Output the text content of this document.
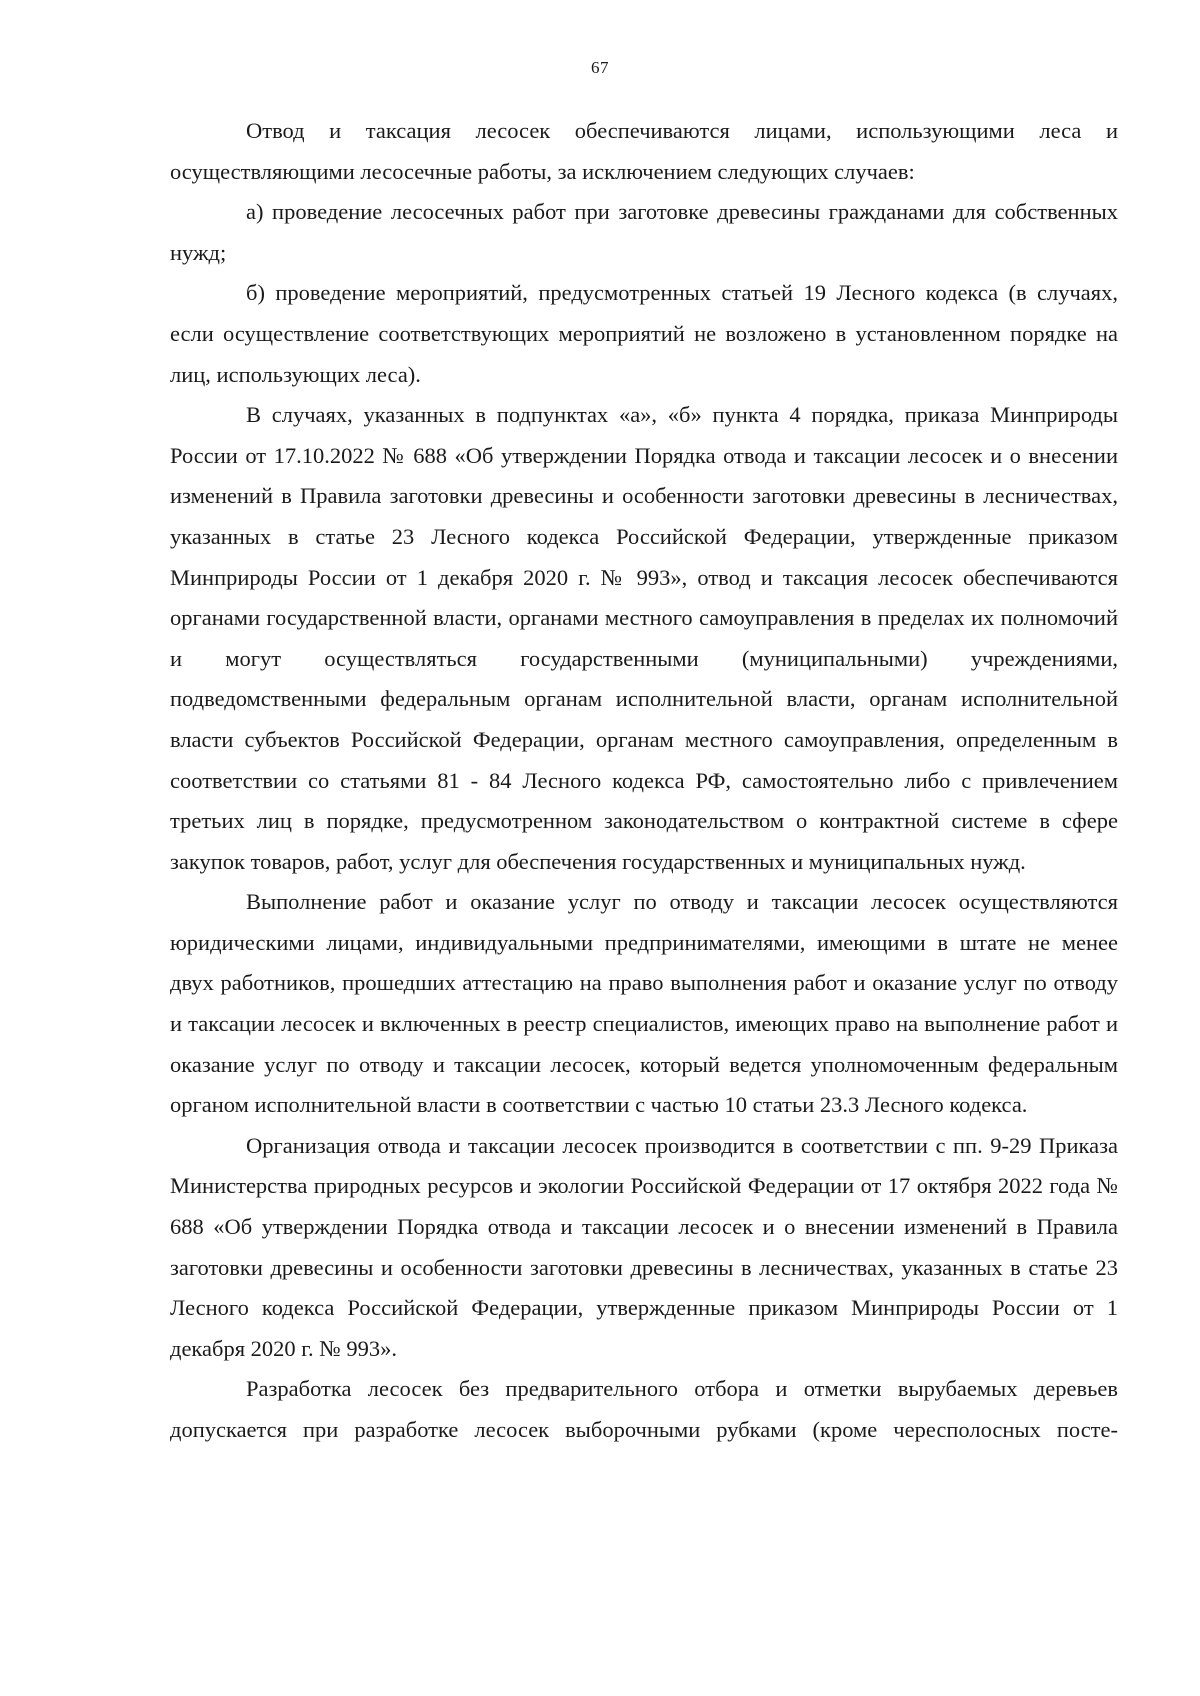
67

Отвод и таксация лесосек обеспечиваются лицами, использующими леса и осуществляющими лесосечные работы, за исключением следующих случаев:

а) проведение лесосечных работ при заготовке древесины гражданами для собственных нужд;

б) проведение мероприятий, предусмотренных статьей 19 Лесного кодекса (в случаях, если осуществление соответствующих мероприятий не возложено в установленном порядке на лиц, использующих леса).

В случаях, указанных в подпунктах «а», «б» пункта 4 порядка, приказа Минприроды России от 17.10.2022 № 688 «Об утверждении Порядка отвода и таксации лесосек и о внесении изменений в Правила заготовки древесины и особенности заготовки древесины в лесничествах, указанных в статье 23 Лесного кодекса Российской Федерации, утвержденные приказом Минприроды России от 1 декабря 2020 г. № 993», отвод и таксация лесосек обеспечиваются органами государственной власти, органами местного самоуправления в пределах их полномочий и могут осуществляться государственными (муниципальными) учреждениями, подведомственными федеральным органам исполнительной власти, органам исполнительной власти субъектов Российской Федерации, органам местного самоуправления, определенным в соответствии со статьями 81 - 84 Лесного кодекса РФ, самостоятельно либо с привлечением третьих лиц в порядке, предусмотренном законодательством о контрактной системе в сфере закупок товаров, работ, услуг для обеспечения государственных и муниципальных нужд.

Выполнение работ и оказание услуг по отводу и таксации лесосек осуществляются юридическими лицами, индивидуальными предпринимателями, имеющими в штате не менее двух работников, прошедших аттестацию на право выполнения работ и оказание услуг по отводу и таксации лесосек и включенных в реестр специалистов, имеющих право на выполнение работ и оказание услуг по отводу и таксации лесосек, который ведется уполномоченным федеральным органом исполнительной власти в соответствии с частью 10 статьи 23.3 Лесного кодекса.

Организация отвода и таксации лесосек производится в соответствии с пп. 9-29 Приказа Министерства природных ресурсов и экологии Российской Федерации от 17 октября 2022 года № 688 «Об утверждении Порядка отвода и таксации лесосек и о внесении изменений в Правила заготовки древесины и особенности заготовки древесины в лесничествах, указанных в статье 23 Лесного кодекса Российской Федерации, утвержденные приказом Минприроды России от 1 декабря 2020 г. № 993».

Разработка лесосек без предварительного отбора и отметки вырубаемых деревьев допускается при разработке лесосек выборочными рубками (кроме чересполосных посте-
